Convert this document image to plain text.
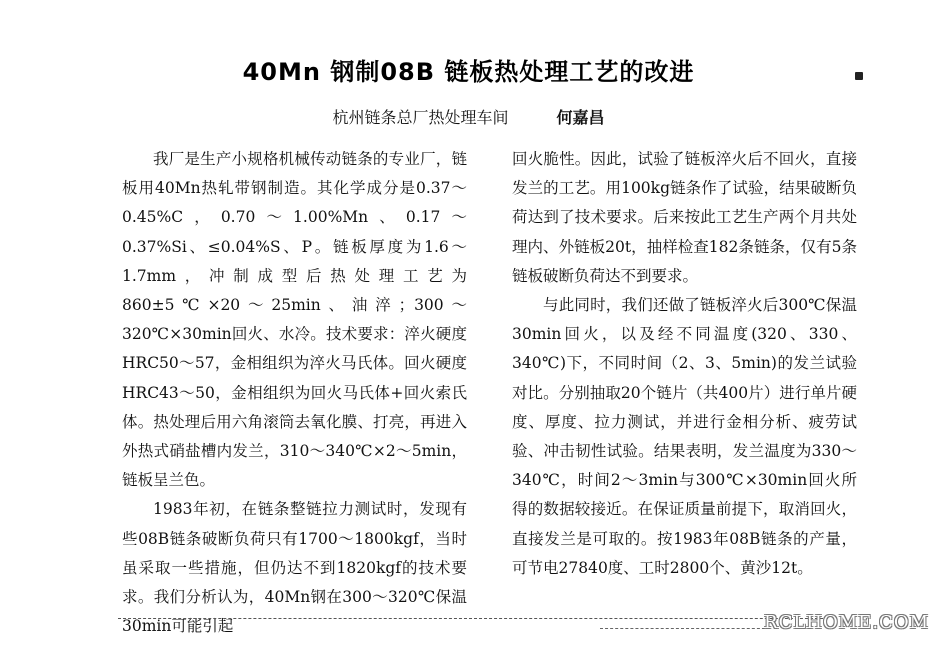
40Mn 钢制08B 链板热处理工艺的改进
杭州链条总厂热处理车间	何嘉昌

我厂是生产小规格机械传动链条的专业厂，链板用40Mn热轧带钢制造。其化学成分是0.37～0.45%C，0.70～1.00%Mn、0.17～0.37%Si、≤0.04%S、P。链板厚度为1.6～1.7mm，冲制成型后热处理工艺为 860±5℃×20～25min、油淬；300～320℃×30min回火、水冷。技术要求：淬火硬度HRC50～57，金相组织为淬火马氏体。回火硬度HRC43～50，金相组织为回火马氏体+回火索氏体。热处理后用六角滚筒去氧化膜、打亮，再进入外热式硝盐槽内发兰，310～340℃×2～5min，链板呈兰色。

1983年初，在链条整链拉力测试时，发现有些08B链条破断负荷只有1700～1800kgf，当时虽采取一些措施，但仍达不到1820kgf的技术要求。我们分析认为，40Mn钢在300～320℃保温30min可能引起

回火脆性。因此，试验了链板淬火后不回火，直接发兰的工艺。用100kg链条作了试验，结果破断负荷达到了技术要求。后来按此工艺生产两个月共处理内、外链板20t，抽样检查182条链条，仅有5条链板破断负荷达不到要求。

与此同时，我们还做了链板淬火后300℃保温30min回火，以及经不同温度(320、330、340℃)下，不同时间（2、3、5min)的发兰试验对比。分别抽取20个链片（共400片）进行单片硬度、厚度、拉力测试，并进行金相分析、疲劳试验、冲击韧性试验。结果表明，发兰温度为330～340℃，时间2～3min与300℃×30min回火所得的数据较接近。在保证质量前提下，取消回火，直接发兰是可取的。按1983年08B链条的产量，可节电27840度、工时2800个、黄沙12t。

RCLHOME.COM
